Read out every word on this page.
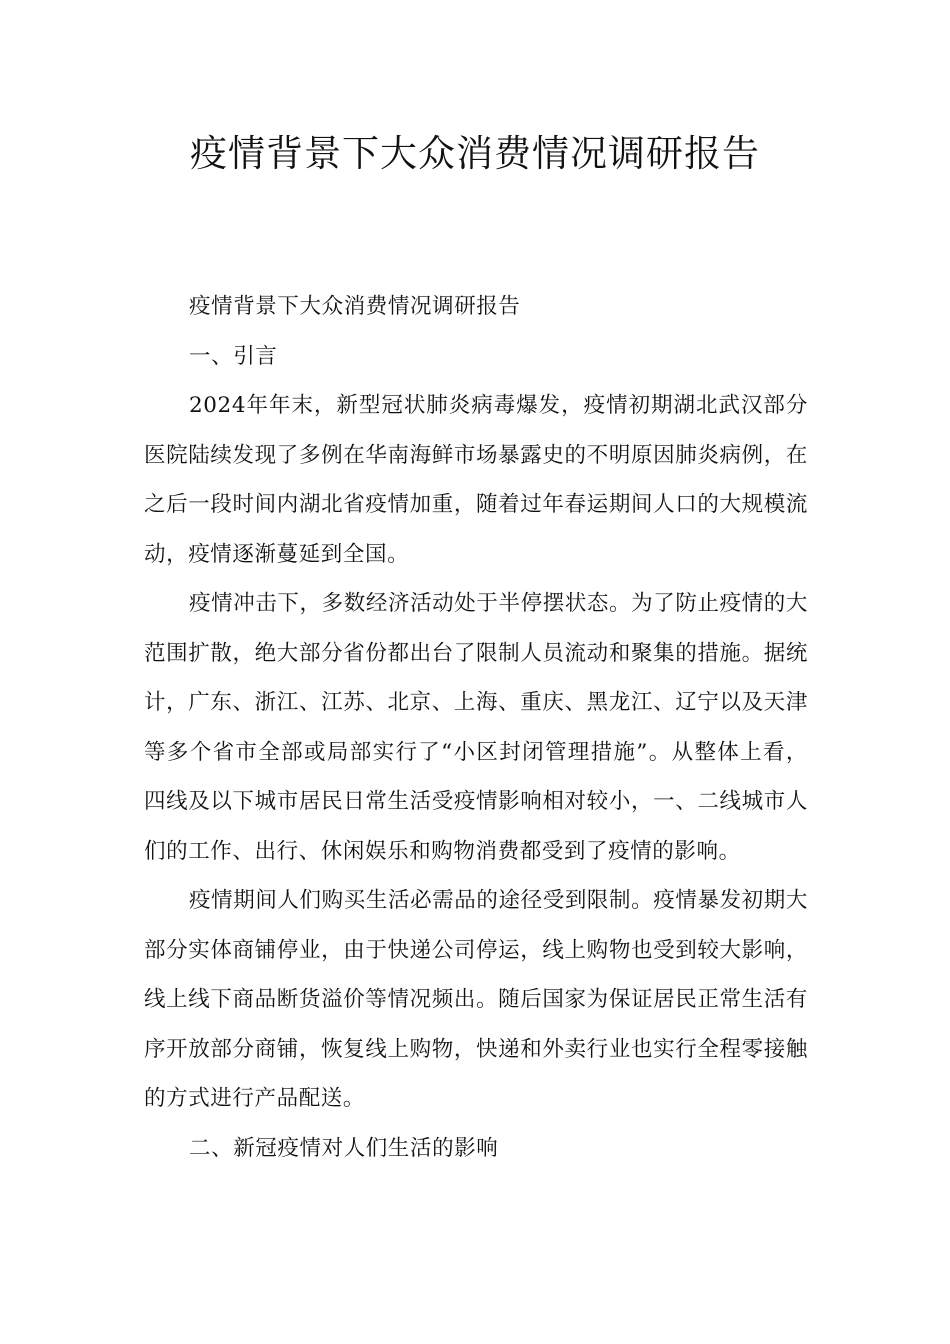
疫情背景下大众消费情况调研报告

疫情背景下大众消费情况调研报告

一、引言

2024年年末，新型冠状肺炎病毒爆发，疫情初期湖北武汉部分医院陆续发现了多例在华南海鲜市场暴露史的不明原因肺炎病例，在之后一段时间内湖北省疫情加重，随着过年春运期间人口的大规模流动，疫情逐渐蔓延到全国。

疫情冲击下，多数经济活动处于半停摆状态。为了防止疫情的大范围扩散，绝大部分省份都出台了限制人员流动和聚集的措施。据统计，广东、浙江、江苏、北京、上海、重庆、黑龙江、辽宁以及天津等多个省市全部或局部实行了“小区封闭管理措施”。从整体上看，四线及以下城市居民日常生活受疫情影响相对较小，一、二线城市人们的工作、出行、休闲娱乐和购物消费都受到了疫情的影响。

疫情期间人们购买生活必需品的途径受到限制。疫情暴发初期大部分实体商铺停业，由于快递公司停运，线上购物也受到较大影响，线上线下商品断货溢价等情况频出。随后国家为保证居民正常生活有序开放部分商铺，恢复线上购物，快递和外卖行业也实行全程零接触的方式进行产品配送。

二、新冠疫情对人们生活的影响
